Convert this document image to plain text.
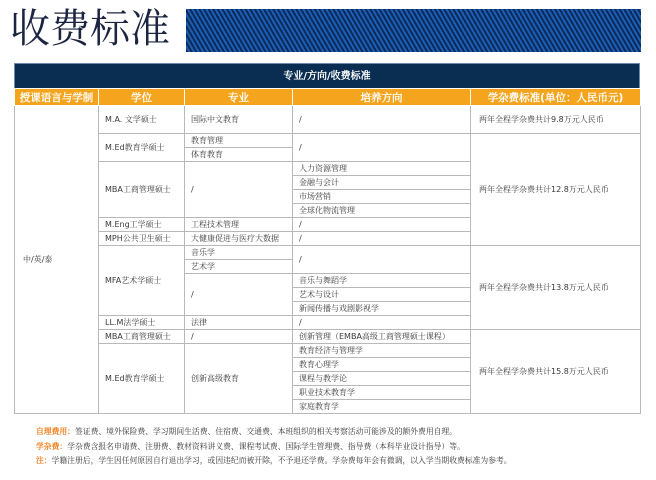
收费标准
专业/方向/收费标准
授课语言与学制	学位	专业	培养方向	学杂费标准(单位：人民币元)
中/英/泰	M.A. 文学硕士	国际中文教育	/	两年全程学杂费共计9.8万元人民币
	M.Ed教育学硕士	教育管理	/	两年全程学杂费共计12.8万元人民币
		体育教育		
	MBA工商管理硕士	/	人力资源管理	
			金融与会计	
			市场营销	
			全球化物流管理	
	M.Eng工学硕士	工程技术管理	/	
	MPH公共卫生硕士	大健康促进与医疗大数据	/	
	MFA艺术学硕士	音乐学	/	两年全程学杂费共计13.8万元人民币
		艺术学		
		/	音乐与舞蹈学	
			艺术与设计	
			新闻传播与戏剧影视学	
	LL.M法学硕士	法律	/	
	MBA工商管理硕士	/	创新管理（EMBA高级工商管理硕士课程）	两年全程学杂费共计15.8万元人民币
	M.Ed教育学硕士	创新高级教育	教育经济与管理学	
			教育心理学	
			课程与教学论	
			职业技术教育学	
			家庭教育学	
自理费用：签证费、境外保险费、学习期间生活费、住宿费、交通费、本班组织的相关考察活动可能涉及的额外费用自理。
学杂费：学杂费含报名申请费、注册费、教材资料讲义费、课程考试费、国际学生管理费、指导费（本科毕业设计指导）等。
注：学籍注册后，学生因任何原因自行退出学习，或因违纪而被开除，不予退还学费。学杂费每年会有微调，以入学当期收费标准为参考。
